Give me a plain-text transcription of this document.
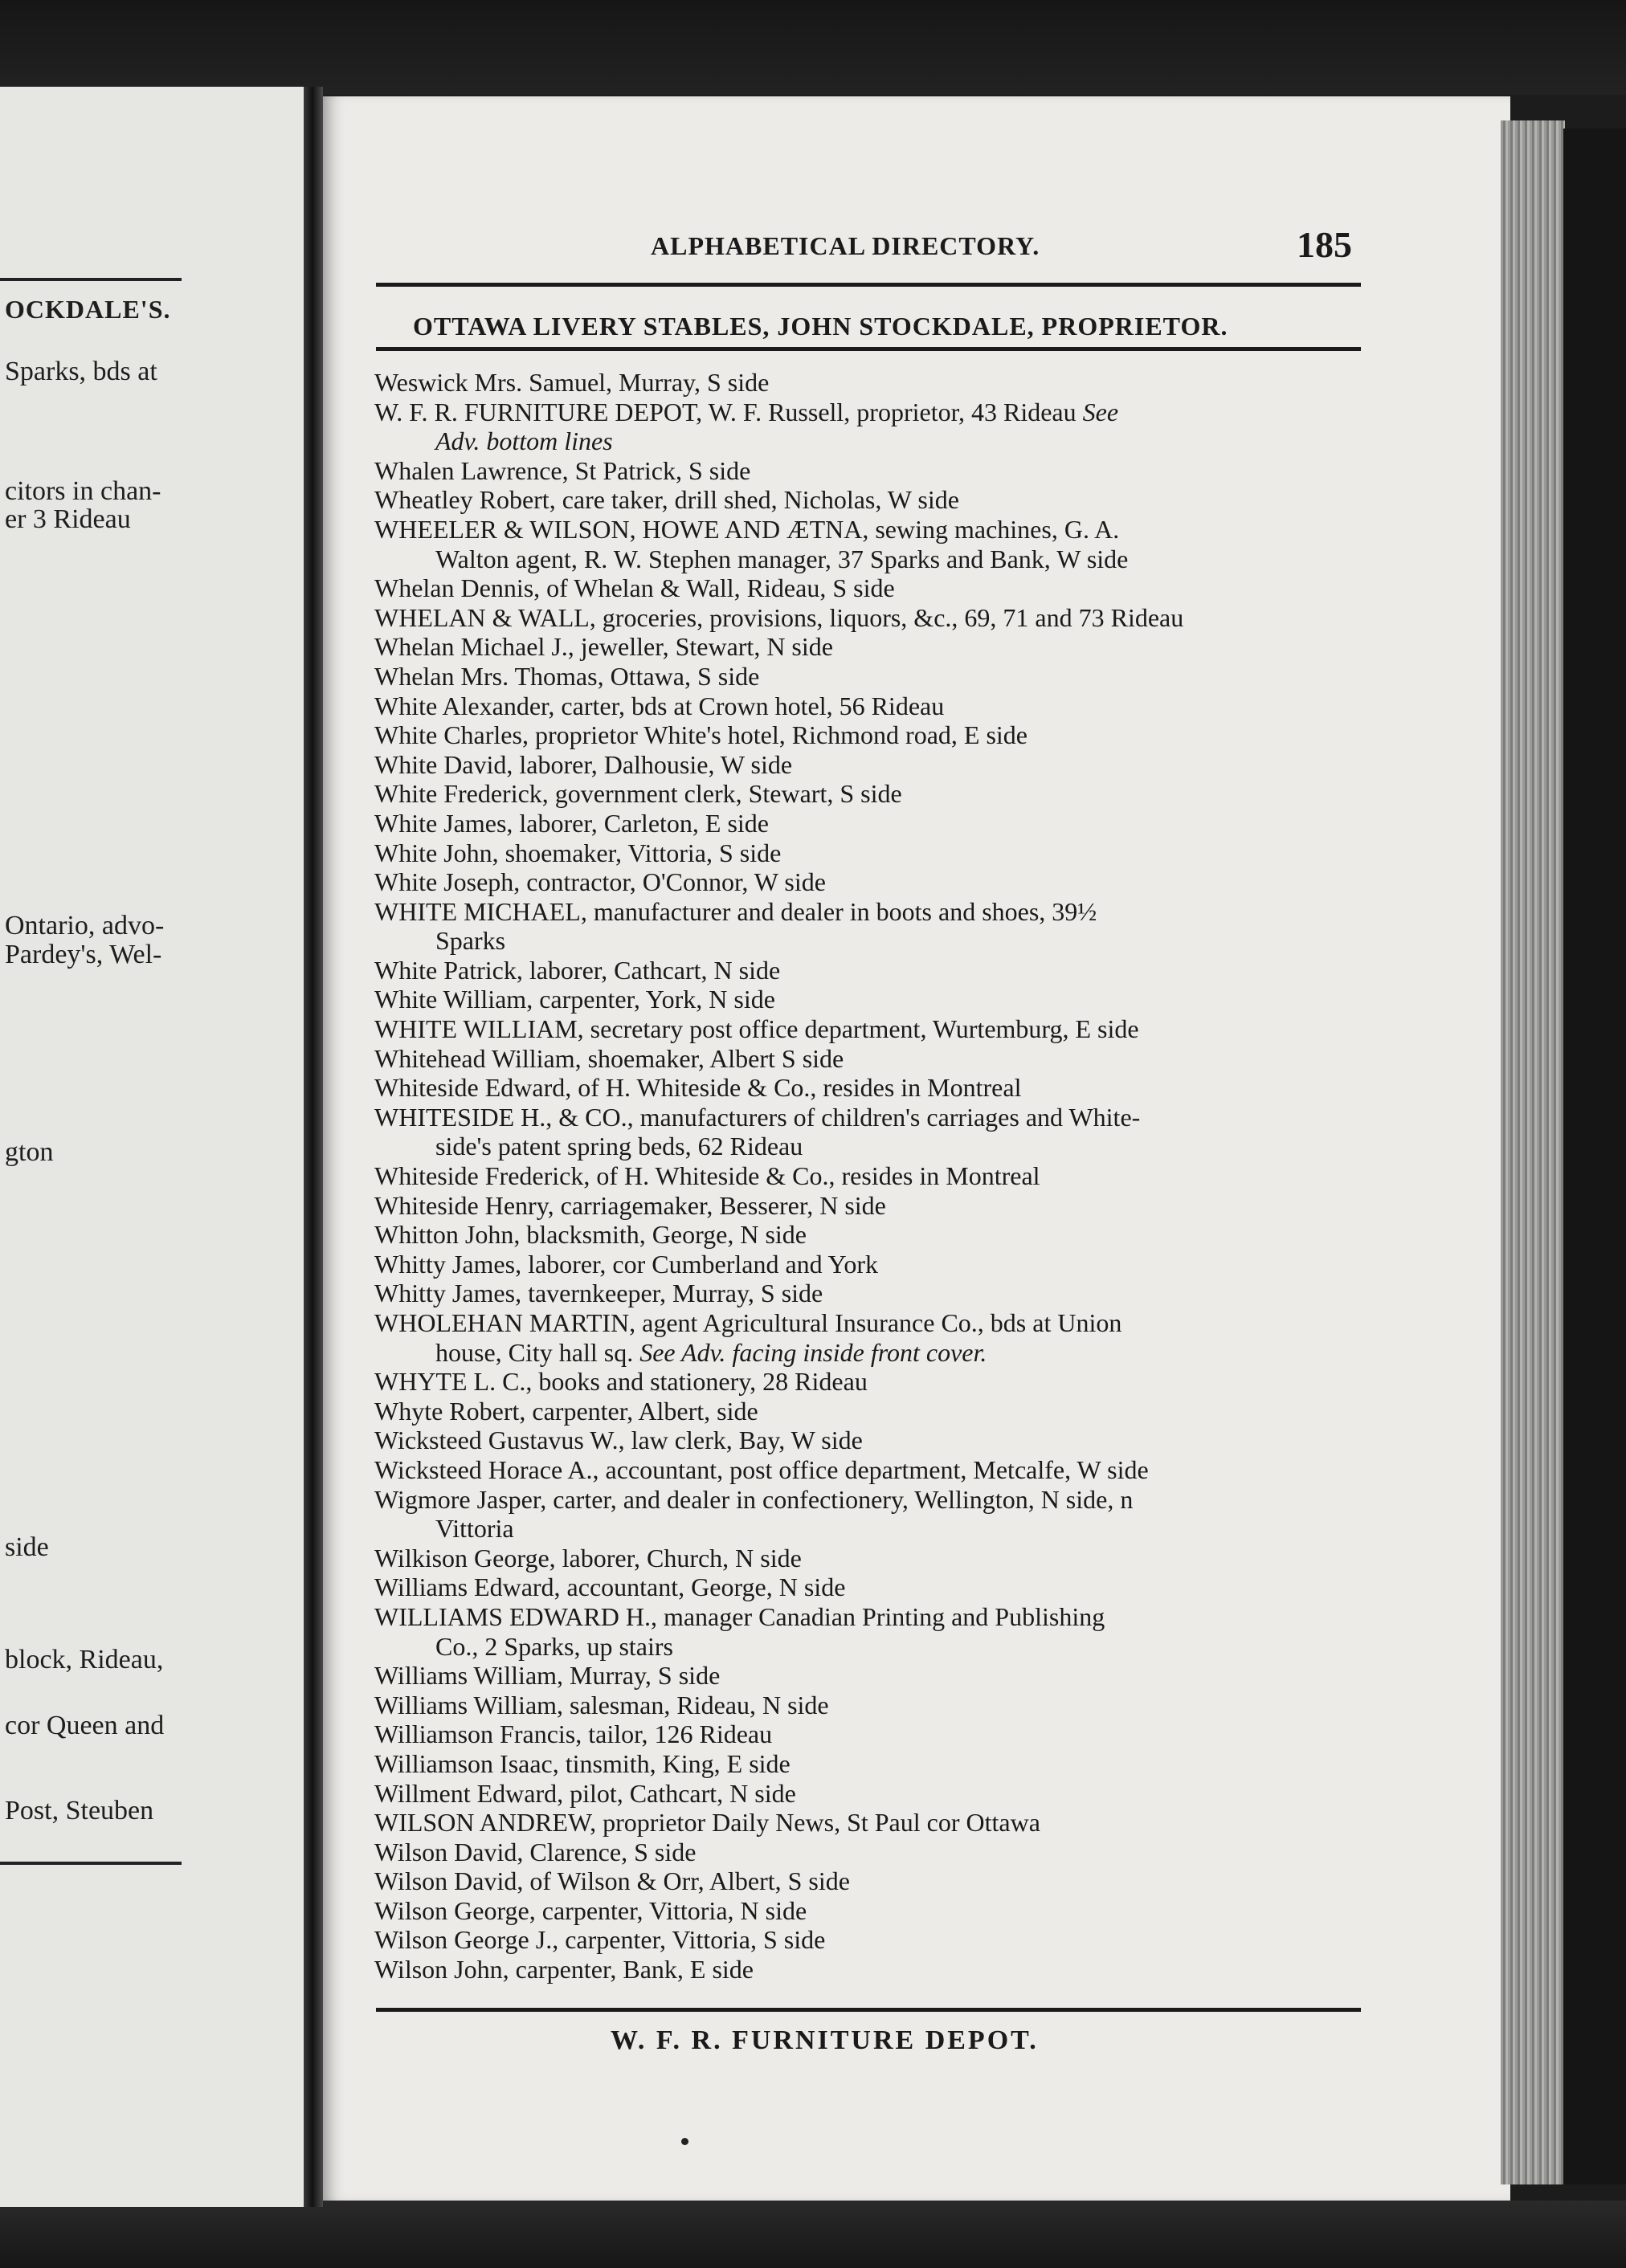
OCKDALE'S.
Sparks, bds at
citors in chan-
er 3 Rideau
Ontario, advo-
Pardey's, Wel-
gton
side
block, Rideau,
cor Queen and
Post, Steuben
ALPHABETICAL DIRECTORY.	185
OTTAWA LIVERY STABLES, JOHN STOCKDALE, PROPRIETOR.
Weswick Mrs. Samuel, Murray, S side
W. F. R. FURNITURE DEPOT, W. F. Russell, proprietor, 43 Rideau See
Adv. bottom lines
Whalen Lawrence, St Patrick, S side
Wheatley Robert, care taker, drill shed, Nicholas, W side
WHEELER & WILSON, HOWE AND ÆTNA, sewing machines, G. A.
Walton agent, R. W. Stephen manager, 37 Sparks and Bank, W side
Whelan Dennis, of Whelan & Wall, Rideau, S side
WHELAN & WALL, groceries, provisions, liquors, &c., 69, 71 and 73 Rideau
Whelan Michael J., jeweller, Stewart, N side
Whelan Mrs. Thomas, Ottawa, S side
White Alexander, carter, bds at Crown hotel, 56 Rideau
White Charles, proprietor White's hotel, Richmond road, E side
White David, laborer, Dalhousie, W side
White Frederick, government clerk, Stewart, S side
White James, laborer, Carleton, E side
White John, shoemaker, Vittoria, S side
White Joseph, contractor, O'Connor, W side
WHITE MICHAEL, manufacturer and dealer in boots and shoes, 39½
Sparks
White Patrick, laborer, Cathcart, N side
White William, carpenter, York, N side
WHITE WILLIAM, secretary post office department, Wurtemburg, E side
Whitehead William, shoemaker, Albert S side
Whiteside Edward, of H. Whiteside & Co., resides in Montreal
WHITESIDE H., & CO., manufacturers of children's carriages and White-
side's patent spring beds, 62 Rideau
Whiteside Frederick, of H. Whiteside & Co., resides in Montreal
Whiteside Henry, carriagemaker, Besserer, N side
Whitton John, blacksmith, George, N side
Whitty James, laborer, cor Cumberland and York
Whitty James, tavernkeeper, Murray, S side
WHOLEHAN MARTIN, agent Agricultural Insurance Co., bds at Union
house, City hall sq. See Adv. facing inside front cover.
WHYTE L. C., books and stationery, 28 Rideau
Whyte Robert, carpenter, Albert, side
Wicksteed Gustavus W., law clerk, Bay, W side
Wicksteed Horace A., accountant, post office department, Metcalfe, W side
Wigmore Jasper, carter, and dealer in confectionery, Wellington, N side, n
Vittoria
Wilkison George, laborer, Church, N side
Williams Edward, accountant, George, N side
WILLIAMS EDWARD H., manager Canadian Printing and Publishing
Co., 2 Sparks, up stairs
Williams William, Murray, S side
Williams William, salesman, Rideau, N side
Williamson Francis, tailor, 126 Rideau
Williamson Isaac, tinsmith, King, E side
Willment Edward, pilot, Cathcart, N side
WILSON ANDREW, proprietor Daily News, St Paul cor Ottawa
Wilson David, Clarence, S side
Wilson David, of Wilson & Orr, Albert, S side
Wilson George, carpenter, Vittoria, N side
Wilson George J., carpenter, Vittoria, S side
Wilson John, carpenter, Bank, E side
W. F. R. FURNITURE DEPOT.
